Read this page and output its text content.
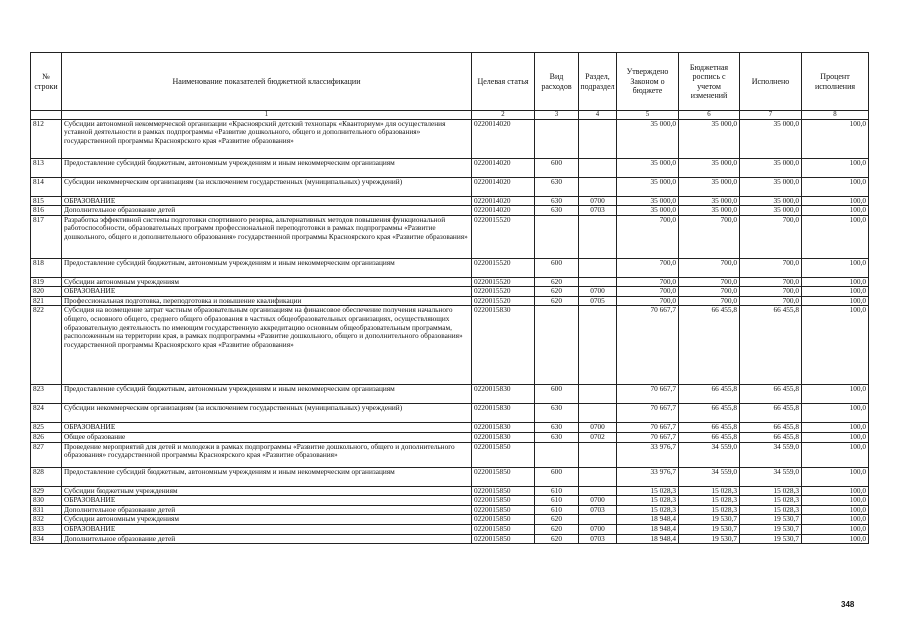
№ строки	Наименование показателей бюджетной классификации	Целевая статья	Вид расходов	Раздел, подраздел	Утверждено Законом о бюджете	Бюджетная роспись с учетом изменений	Исполнено	Процент исполнения
	1	2	3	4	5	6	7	8
812	Субсидии автономной некоммерческой организации «Красноярский детский технопарк «Кванториум» для осуществления уставной деятельности в рамках подпрограммы «Развитие дошкольного, общего и дополнительного образования» государственной программы Красноярского края «Развитие образования»	0220014020			35 000,0	35 000,0	35 000,0	100,0
813	Предоставление субсидий бюджетным, автономным учреждениям и иным некоммерческим организациям	0220014020	600		35 000,0	35 000,0	35 000,0	100,0
814	Субсидии некоммерческим организациям (за исключением государственных (муниципальных) учреждений)	0220014020	630		35 000,0	35 000,0	35 000,0	100,0
815	ОБРАЗОВАНИЕ	0220014020	630	0700	35 000,0	35 000,0	35 000,0	100,0
816	Дополнительное образование детей	0220014020	630	0703	35 000,0	35 000,0	35 000,0	100,0
817	Разработка эффективной системы подготовки спортивного резерва, альтернативных методов повышения функциональной работоспособности, образовательных программ профессиональной переподготовки в рамках подпрограммы «Развитие дошкольного, общего и дополнительного образования» государственной программы Красноярского края «Развитие образования»	0220015520			700,0	700,0	700,0	100,0
818	Предоставление субсидий бюджетным, автономным учреждениям и иным некоммерческим организациям	0220015520	600		700,0	700,0	700,0	100,0
819	Субсидии автономным учреждениям	0220015520	620		700,0	700,0	700,0	100,0
820	ОБРАЗОВАНИЕ	0220015520	620	0700	700,0	700,0	700,0	100,0
821	Профессиональная подготовка, переподготовка и повышение квалификации	0220015520	620	0705	700,0	700,0	700,0	100,0
822	Субсидия на возмещение затрат частным образовательным организациям на финансовое обеспечение получения начального общего, основного общего, среднего общего образования в частных общеобразовательных организациях, осуществляющих образовательную деятельность по имеющим государственную аккредитацию основным общеобразовательным программам, расположенным на территории края, в рамках подпрограммы «Развитие дошкольного, общего и дополнительного образования» государственной программы Красноярского края «Развитие образования»	0220015830			70 667,7	66 455,8	66 455,8	100,0
823	Предоставление субсидий бюджетным, автономным учреждениям и иным некоммерческим организациям	0220015830	600		70 667,7	66 455,8	66 455,8	100,0
824	Субсидии некоммерческим организациям (за исключением государственных (муниципальных) учреждений)	0220015830	630		70 667,7	66 455,8	66 455,8	100,0
825	ОБРАЗОВАНИЕ	0220015830	630	0700	70 667,7	66 455,8	66 455,8	100,0
826	Общее образование	0220015830	630	0702	70 667,7	66 455,8	66 455,8	100,0
827	Проведение мероприятий для детей и молодежи в рамках подпрограммы «Развитие дошкольного, общего и дополнительного образования» государственной программы Красноярского края «Развитие образования»	0220015850			33 976,7	34 559,0	34 559,0	100,0
828	Предоставление субсидий бюджетным, автономным учреждениям и иным некоммерческим организациям	0220015850	600		33 976,7	34 559,0	34 559,0	100,0
829	Субсидии бюджетным учреждениям	0220015850	610		15 028,3	15 028,3	15 028,3	100,0
830	ОБРАЗОВАНИЕ	0220015850	610	0700	15 028,3	15 028,3	15 028,3	100,0
831	Дополнительное образование детей	0220015850	610	0703	15 028,3	15 028,3	15 028,3	100,0
832	Субсидии автономным учреждениям	0220015850	620		18 948,4	19 530,7	19 530,7	100,0
833	ОБРАЗОВАНИЕ	0220015850	620	0700	18 948,4	19 530,7	19 530,7	100,0
834	Дополнительное образование детей	0220015850	620	0703	18 948,4	19 530,7	19 530,7	100,0
348
